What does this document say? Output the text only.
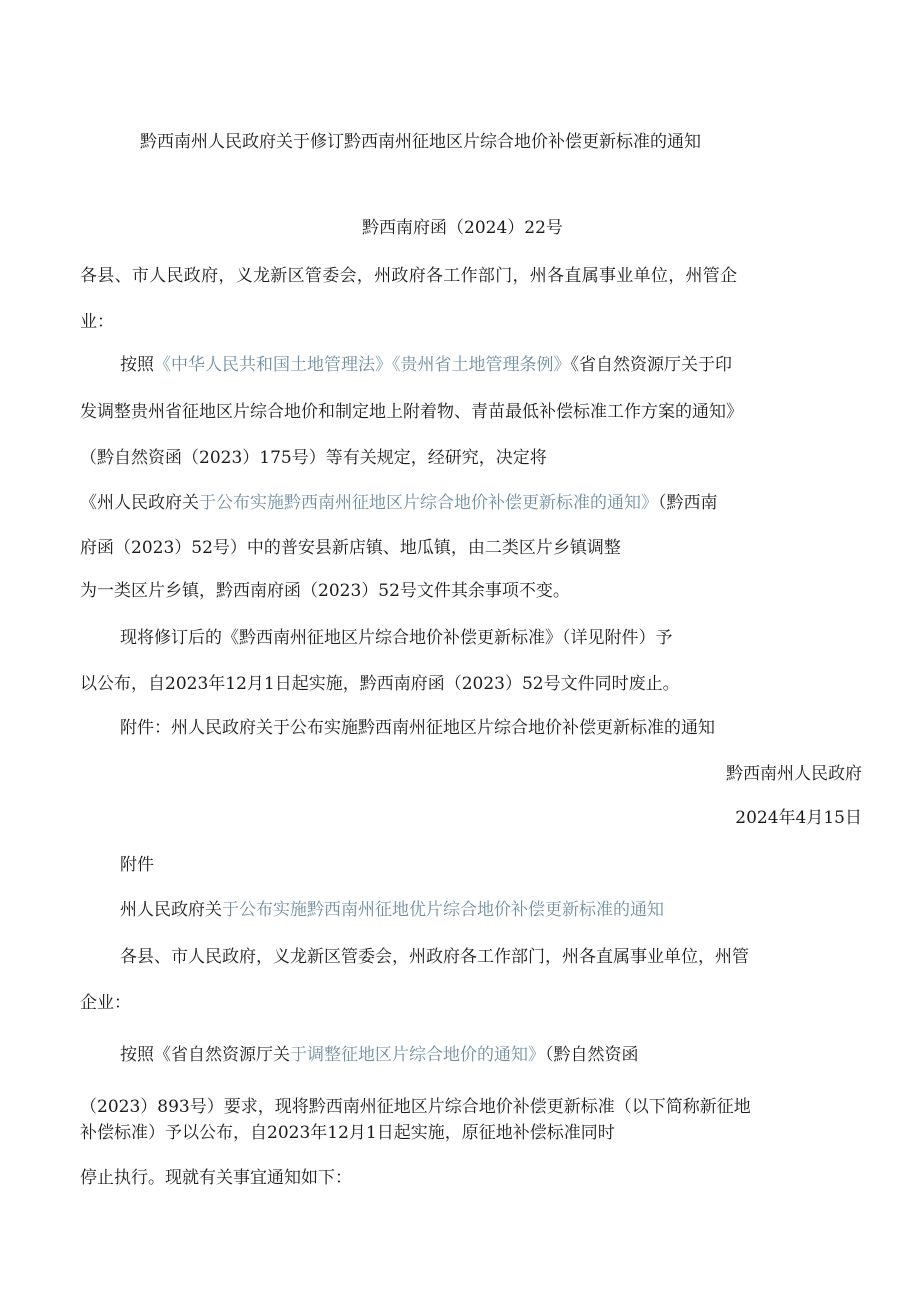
黔西南州人民政府关于修订黔西南州征地区片综合地价补偿更新标准的通知
黔西南府函（2024）22号
各县、市人民政府，义龙新区管委会，州政府各工作部门，州各直属事业单位，州管企
业：
按照《中华人民共和国土地管理法》《贵州省土地管理条例》《省自然资源厅关于印
发调整贵州省征地区片综合地价和制定地上附着物、青苗最低补偿标准工作方案的通知》
（黔自然资函（2023）175号）等有关规定，经研究，决定将
《州人民政府关于公布实施黔西南州征地区片综合地价补偿更新标准的通知》（黔西南
府函（2023）52号）中的普安县新店镇、地瓜镇，由二类区片乡镇调整
为一类区片乡镇，黔西南府函（2023）52号文件其余事项不变。
现将修订后的《黔西南州征地区片综合地价补偿更新标准》（详见附件）予
以公布，自2023年12月1日起实施，黔西南府函（2023）52号文件同时废止。
附件：州人民政府关于公布实施黔西南州征地区片综合地价补偿更新标准的通知
黔西南州人民政府
2024年4月15日
附件
州人民政府关于公布实施黔西南州征地优片综合地价补偿更新标准的通知
各县、市人民政府，义龙新区管委会，州政府各工作部门，州各直属事业单位，州管
企业：
按照《省自然资源厅关于调整征地区片综合地价的通知》（黔自然资函
（2023）893号）要求，现将黔西南州征地区片综合地价补偿更新标准（以下简称新征地
补偿标准）予以公布，自2023年12月1日起实施，原征地补偿标准同时
停止执行。现就有关事宜通知如下：
